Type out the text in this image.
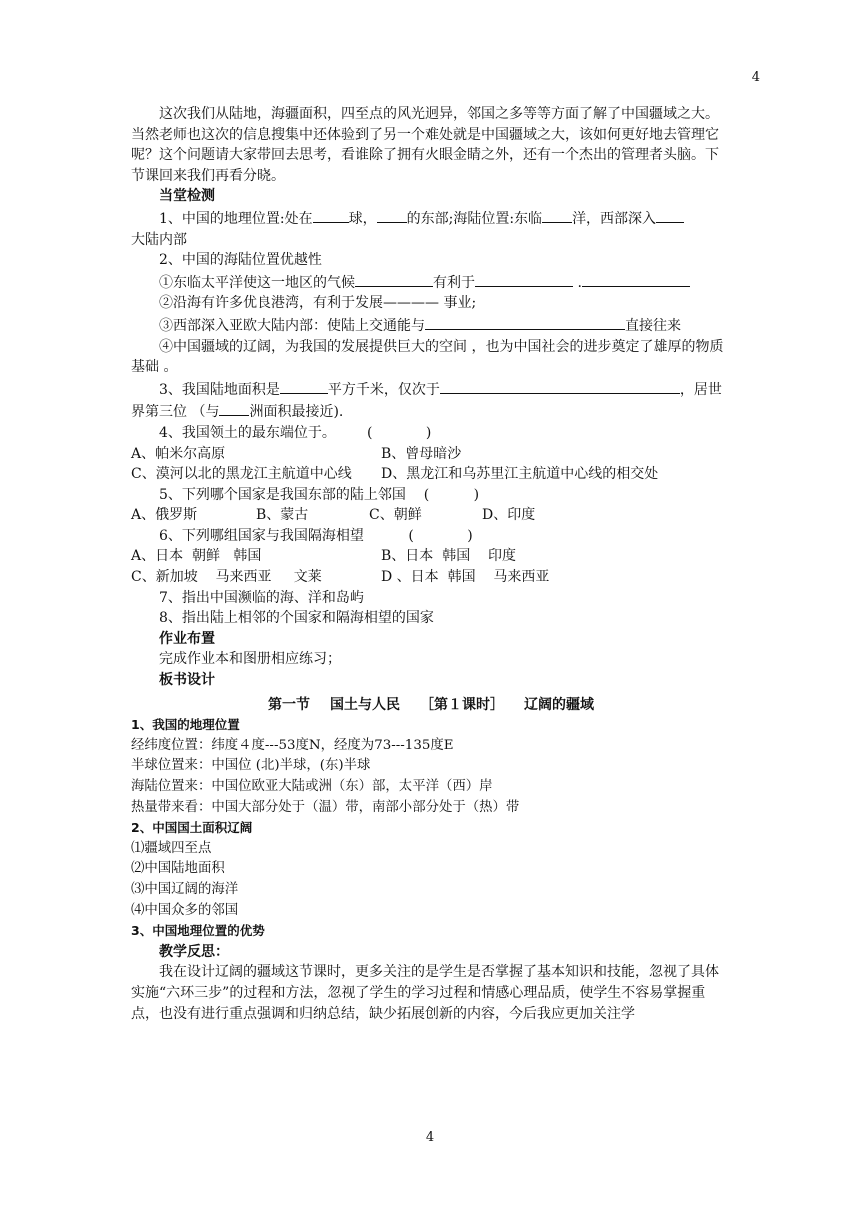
4

这次我们从陆地，海疆面积，四至点的风光迥异，邻国之多等等方面了解了中国疆域之大。当然老师也这次的信息搜集中还体验到了另一个难处就是中国疆域之大，该如何更好地去管理它呢？这个问题请大家带回去思考，看谁除了拥有火眼金睛之外，还有一个杰出的管理者头脑。下节课回来我们再看分晓。

当堂检测

1、中国的地理位置:处在	球， 的东部;海陆位置:东临 洋，西部深入

大陆内部

2、中国的海陆位置优越性

①东临太平洋使这一地区的气候	有利于	.

②沿海有许多优良港湾，有利于发展———— 事业;

③西部深入亚欧大陆内部：使陆上交通能与	直接往来

④中国疆域的辽阔，为我国的发展提供巨大的空间 ，也为中国社会的进步奠定了雄厚的物质基础 。

3、我国陆地面积是	平方千米，仅次于	，居世界第三位 （与 洲面积最接近).

4、我国领土的最东端位于。       (            )

A、帕米尔高原	B、曾母暗沙
C、漠河以北的黑龙江主航道中心线	D、黑龙江和乌苏里江主航道中心线的相交处

5、下列哪个国家是我国东部的陆上邻国    (          )

A、俄罗斯	B、蒙古	C、朝鲜	D、印度

6、下列哪组国家与我国隔海相望          (            )

A、日本  朝鲜   韩国	B、日本  韩国    印度
C、新加坡    马来西亚     文莱	D 、日本  韩国    马来西亚

7、指出中国濒临的海、洋和岛屿

8、指出陆上相邻的个国家和隔海相望的国家

作业布置

完成作业本和图册相应练习；

板书设计

第一节 国土与人民 ［第１课时］ 辽阔的疆域

1、我国的地理位置

经纬度位置：纬度４度---53度N，经度为73---135度E

半球位置来：中国位 (北)半球，(东)半球

海陆位置来：中国位欧亚大陆或洲（东）部，太平洋（西）岸

热量带来看：中国大部分处于（温）带，南部小部分处于（热）带

2、中国国土面积辽阔

⑴疆域四至点

⑵中国陆地面积

⑶中国辽阔的海洋

⑷中国众多的邻国

3、中国地理位置的优势

教学反思：

我在设计辽阔的疆域这节课时，更多关注的是学生是否掌握了基本知识和技能，忽视了具体实施“六环三步”的过程和方法，忽视了学生的学习过程和情感心理品质，使学生不容易掌握重点，也没有进行重点强调和归纳总结，缺少拓展创新的内容，今后我应更加关注学

4
